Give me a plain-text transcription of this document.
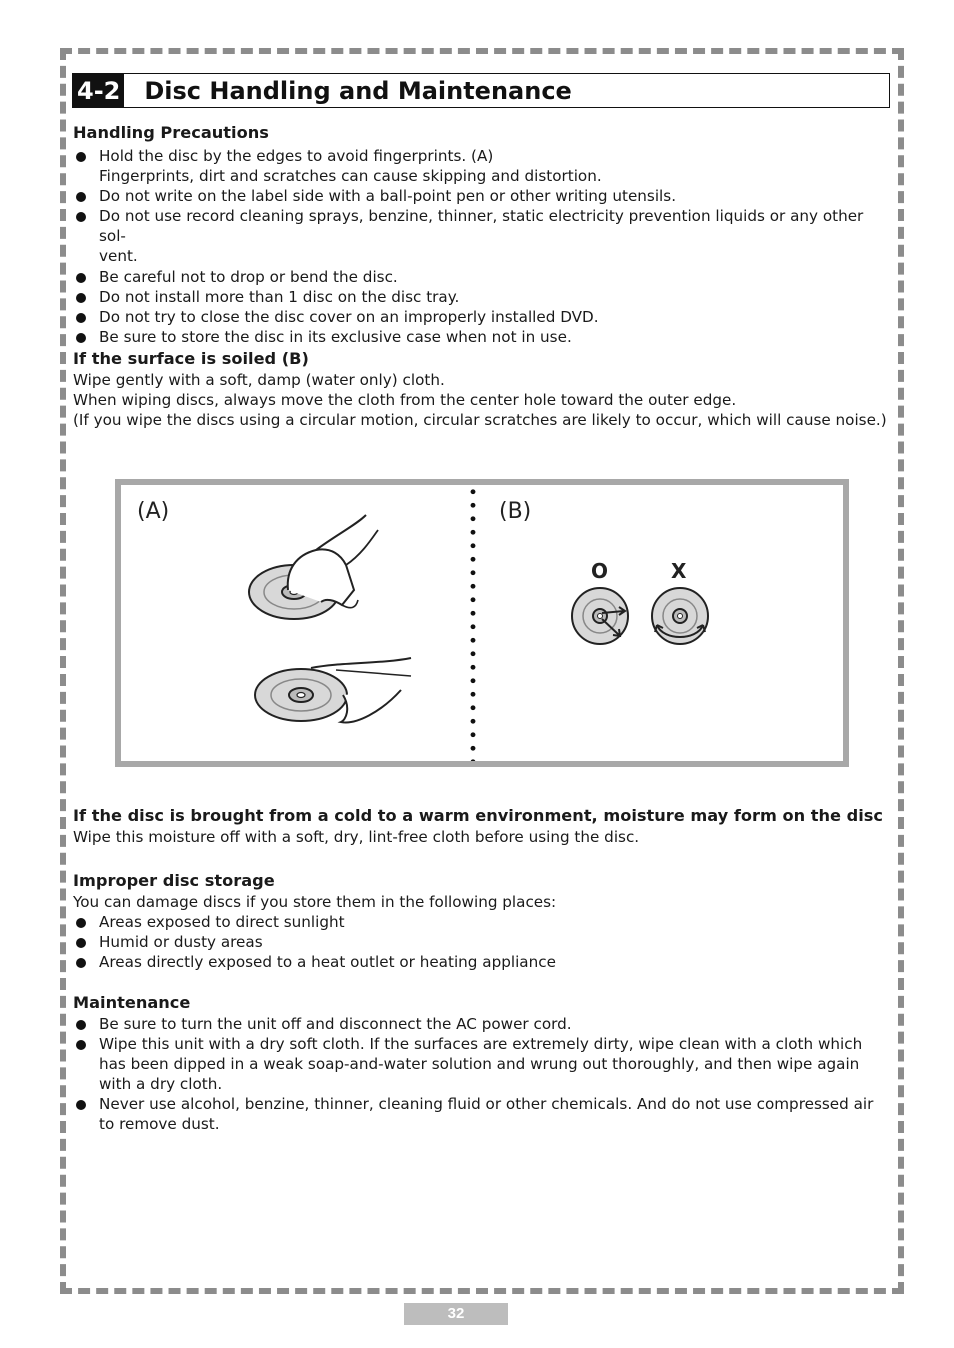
4-2 Disc Handling and Maintenance
Handling Precautions
Hold the disc by the edges to avoid fingerprints. (A)
Fingerprints, dirt and scratches can cause skipping and distortion.
Do not write on the label side with a ball-point pen or other writing utensils.
Do not use record cleaning sprays, benzine, thinner, static electricity prevention liquids or any other sol-
vent.
Be careful not to drop or bend the disc.
Do not install more than 1 disc on the disc tray.
Do not try to close the disc cover on an improperly installed DVD.
Be sure to store the disc in its exclusive case when not in use.
If the surface is soiled (B)

Wipe gently with a soft, damp (water only) cloth.

When wiping discs, always move the cloth from the center hole toward the outer edge.

(If you wipe the discs using a circular motion, circular scratches are likely to occur, which will cause noise.)

(A)	(B)
O	X
If the disc is brought from a cold to a warm environment, moisture may form on the disc

Wipe this moisture off with a soft, dry, lint-free cloth before using the disc.

Improper disc storage

You can damage discs if you store them in the following places:

Areas exposed to direct sunlight
Humid or dusty areas
Areas directly exposed to a heat outlet or heating appliance
Maintenance
Be sure to turn the unit off and disconnect the AC power cord.
Wipe this unit with a dry soft cloth. If the surfaces are extremely dirty, wipe clean with a cloth which has been dipped in a weak soap-and-water solution and wrung out thoroughly, and then wipe again with a dry cloth.
Never use alcohol, benzine, thinner, cleaning fluid or other chemicals. And do not use compressed air to remove dust.
32
